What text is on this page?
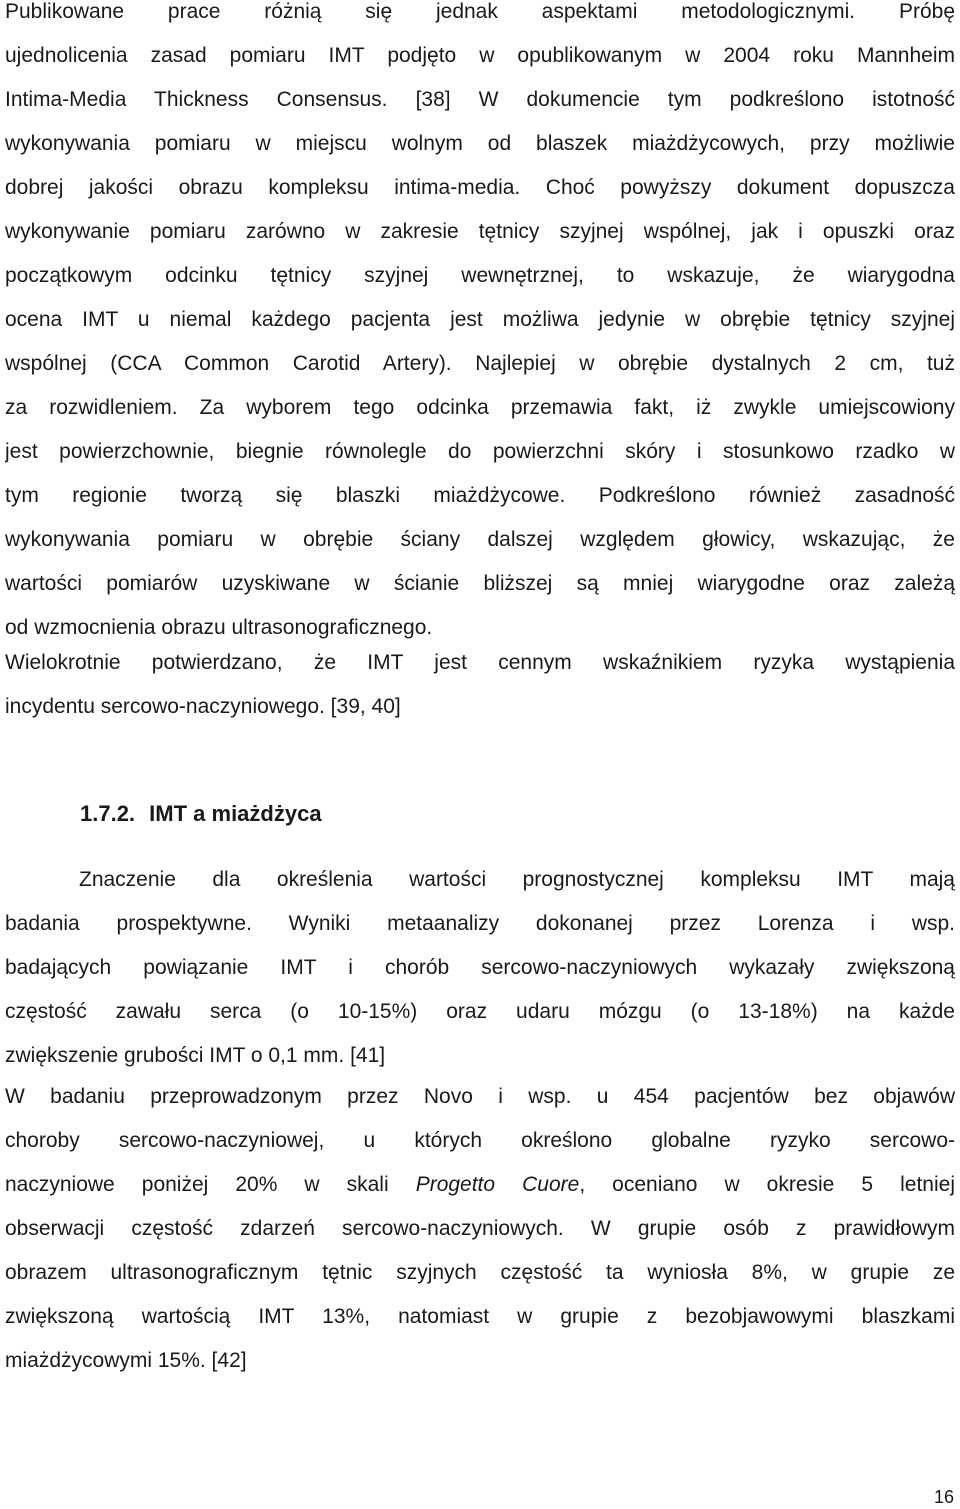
Publikowane prace różnią się jednak aspektami metodologicznymi. Próbę
ujednolicenia zasad pomiaru IMT podjęto w opublikowanym w 2004 roku Mannheim
Intima-Media Thickness Consensus. [38] W dokumencie tym podkreślono istotność
wykonywania pomiaru w miejscu wolnym od blaszek miażdżycowych, przy możliwie
dobrej jakości obrazu kompleksu intima-media. Choć powyższy dokument dopuszcza
wykonywanie pomiaru zarówno w zakresie tętnicy szyjnej wspólnej, jak i opuszki oraz
początkowym odcinku tętnicy szyjnej wewnętrznej, to wskazuje, że wiarygodna
ocena IMT u niemal każdego pacjenta jest możliwa jedynie w obrębie tętnicy szyjnej
wspólnej (CCA Common Carotid Artery). Najlepiej w obrębie dystalnych 2 cm, tuż
za rozwidleniem. Za wyborem tego odcinka przemawia fakt, iż zwykle umiejscowiony
jest powierzchownie, biegnie równolegle do powierzchni skóry i stosunkowo rzadko w
tym regionie tworzą się blaszki miażdżycowe. Podkreślono również zasadność
wykonywania pomiaru w obrębie ściany dalszej względem głowicy, wskazując, że
wartości pomiarów uzyskiwane w ścianie bliższej są mniej wiarygodne oraz zależą
od wzmocnienia obrazu ultrasonograficznego.
Wielokrotnie potwierdzano, że IMT jest cennym wskaźnikiem ryzyka wystąpienia
incydentu sercowo-naczyniowego. [39, 40]
1.7.2. IMT a miażdżyca
Znaczenie dla określenia wartości prognostycznej kompleksu IMT mają
badania prospektywne. Wyniki metaanalizy dokonanej przez Lorenza i wsp.
badających powiązanie IMT i chorób sercowo-naczyniowych wykazały zwiększoną
częstość zawału serca (o 10-15%) oraz udaru mózgu (o 13-18%) na każde
zwiększenie grubości IMT o 0,1 mm. [41]
W badaniu przeprowadzonym przez Novo i wsp. u 454 pacjentów bez objawów
choroby sercowo-naczyniowej, u których określono globalne ryzyko sercowo-
naczyniowe poniżej 20% w skali Progetto Cuore, oceniano w okresie 5 letniej
obserwacji częstość zdarzeń sercowo-naczyniowych. W grupie osób z prawidłowym
obrazem ultrasonograficznym tętnic szyjnych częstość ta wyniosła 8%, w grupie ze
zwiększoną wartością IMT 13%, natomiast w grupie z bezobjawowymi blaszkami
miażdżycowymi 15%. [42]
16
